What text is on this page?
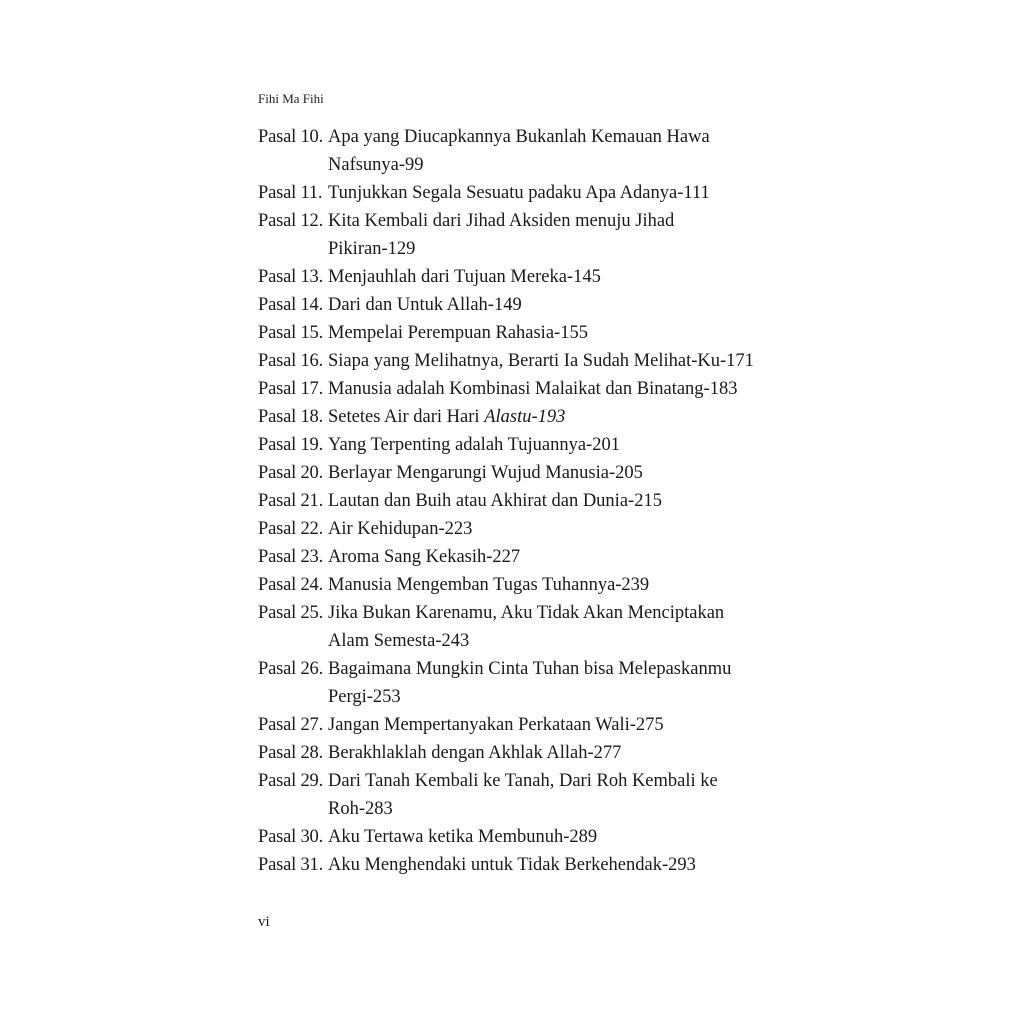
Fihi Ma Fihi
Pasal 10. Apa yang Diucapkannya Bukanlah Kemauan Hawa
Nafsunya-99
Pasal 11. Tunjukkan Segala Sesuatu padaku Apa Adanya-111
Pasal 12. Kita Kembali dari Jihad Aksiden menuju Jihad
Pikiran-129
Pasal 13. Menjauhlah dari Tujuan Mereka-145
Pasal 14. Dari dan Untuk Allah-149
Pasal 15. Mempelai Perempuan Rahasia-155
Pasal 16. Siapa yang Melihatnya, Berarti Ia Sudah Melihat-Ku-171
Pasal 17. Manusia adalah Kombinasi Malaikat dan Binatang-183
Pasal 18. Setetes Air dari Hari Alastu-193
Pasal 19. Yang Terpenting adalah Tujuannya-201
Pasal 20. Berlayar Mengarungi Wujud Manusia-205
Pasal 21. Lautan dan Buih atau Akhirat dan Dunia-215
Pasal 22. Air Kehidupan-223
Pasal 23. Aroma Sang Kekasih-227
Pasal 24. Manusia Mengemban Tugas Tuhannya-239
Pasal 25. Jika Bukan Karenamu, Aku Tidak Akan Menciptakan
Alam Semesta-243
Pasal 26. Bagaimana Mungkin Cinta Tuhan bisa Melepaskanmu
Pergi-253
Pasal 27. Jangan Mempertanyakan Perkataan Wali-275
Pasal 28. Berakhlaklah dengan Akhlak Allah-277
Pasal 29. Dari Tanah Kembali ke Tanah, Dari Roh Kembali ke
Roh-283
Pasal 30. Aku Tertawa ketika Membunuh-289
Pasal 31. Aku Menghendaki untuk Tidak Berkehendak-293
vi
